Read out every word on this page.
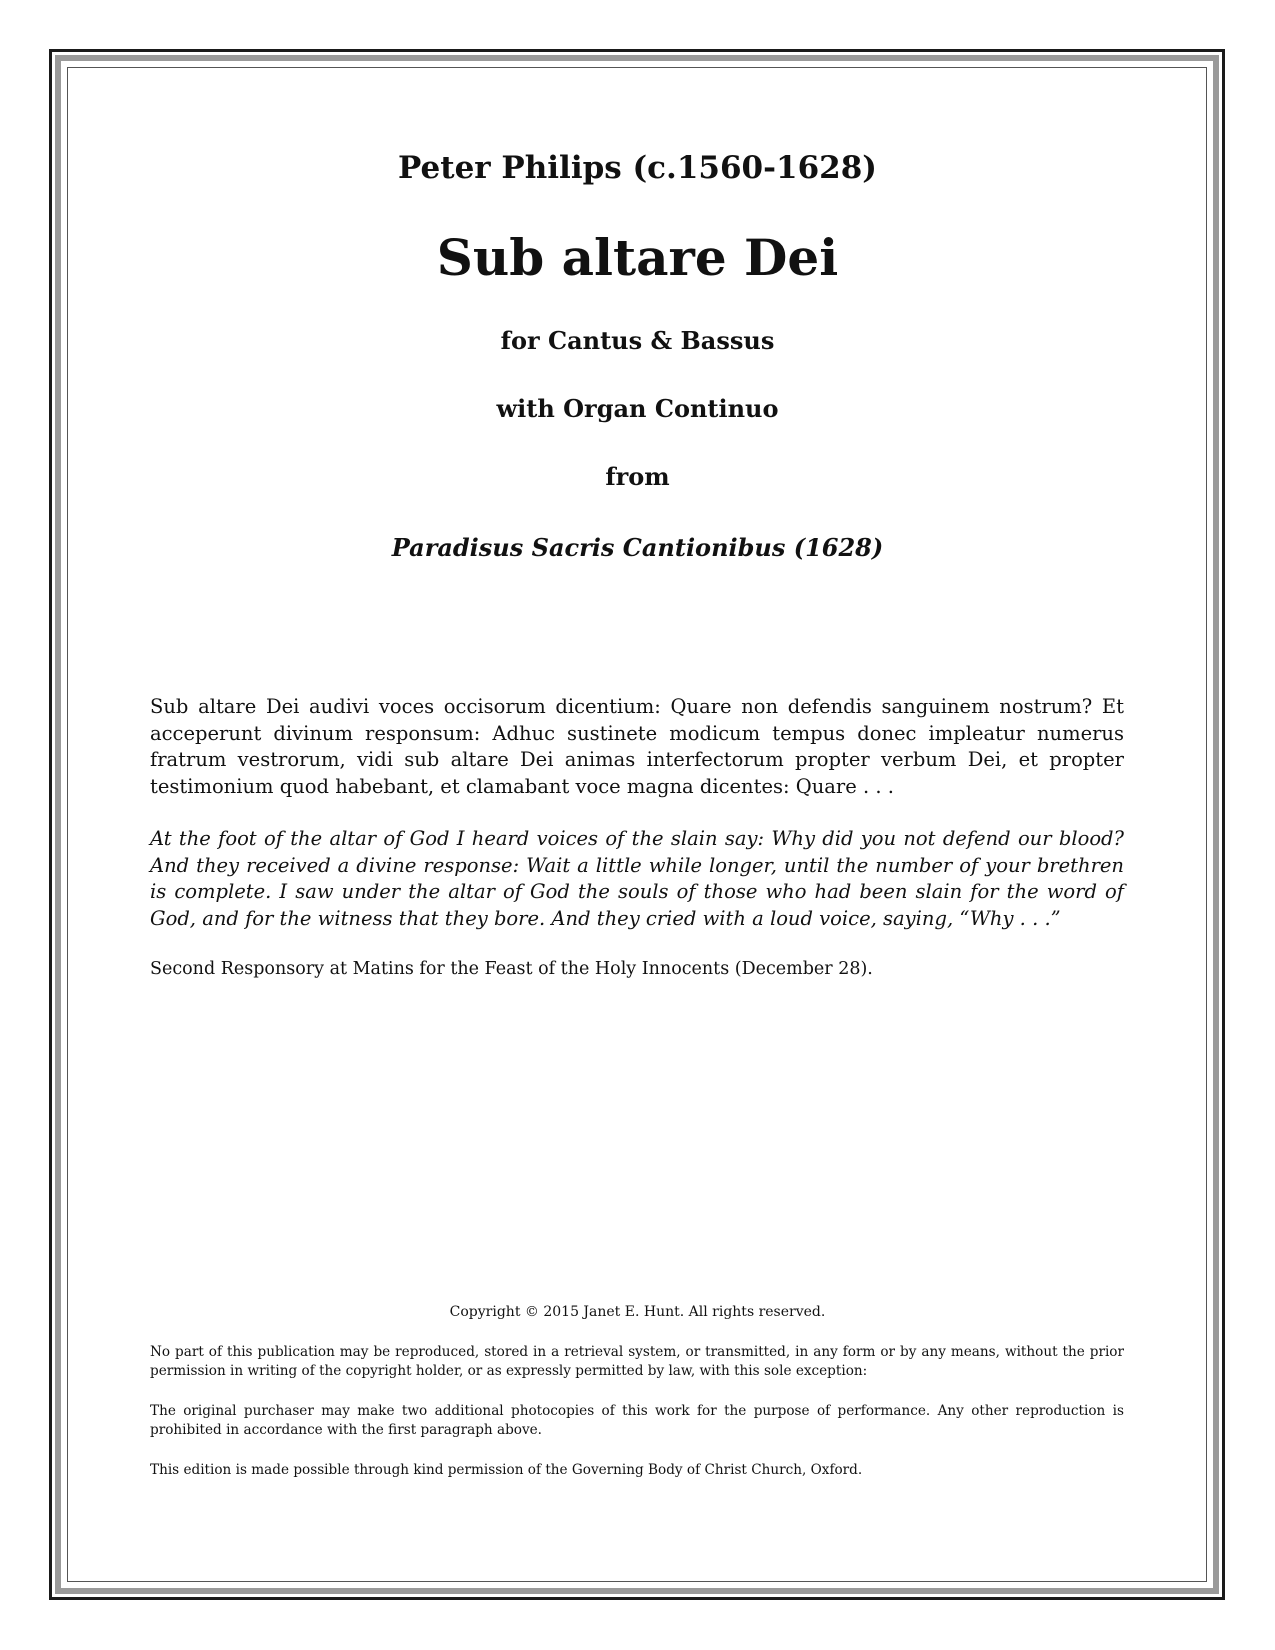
Peter Philips (c.1560-1628)
Sub altare Dei
for Cantus & Bassus
with Organ Continuo
from
Paradisus Sacris Cantionibus (1628)

Sub altare Dei audivi voces occisorum dicentium: Quare non defendis sanguinem nostrum? Et acceperunt divinum responsum: Adhuc sustinete modicum tempus donec impleatur numerus fratrum vestrorum, vidi sub altare Dei animas interfectorum propter verbum Dei, et propter testimonium quod habebant, et clamabant voce magna dicentes: Quare . . .

At the foot of the altar of God I heard voices of the slain say: Why did you not defend our blood? And they received a divine response: Wait a little while longer, until the number of your brethren is complete. I saw under the altar of God the souls of those who had been slain for the word of God, and for the witness that they bore. And they cried with a loud voice, saying, “Why . . .”

Second Responsory at Matins for the Feast of the Holy Innocents (December 28).

Copyright © 2015 Janet E. Hunt. All rights reserved.

No part of this publication may be reproduced, stored in a retrieval system, or transmitted, in any form or by any means, without the prior permission in writing of the copyright holder, or as expressly permitted by law, with this sole exception:

The original purchaser may make two additional photocopies of this work for the purpose of performance. Any other reproduction is prohibited in accordance with the first paragraph above.

This edition is made possible through kind permission of the Governing Body of Christ Church, Oxford.
